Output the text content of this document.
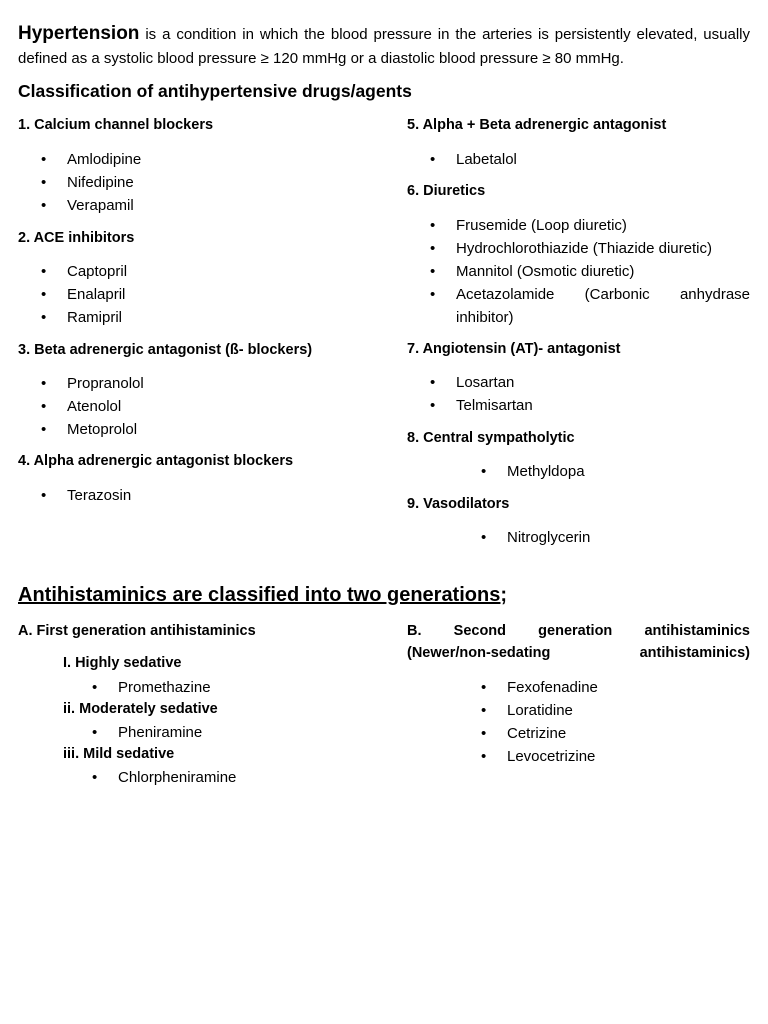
Hypertension is a condition in which the blood pressure in the arteries is persistently elevated, usually defined as a systolic blood pressure ≥ 120 mmHg or a diastolic blood pressure ≥ 80 mmHg.
Classification of antihypertensive drugs/agents
1. Calcium channel blockers
• Amlodipine
• Nifedipine
• Verapamil
2. ACE inhibitors
• Captopril
• Enalapril
• Ramipril
3. Beta adrenergic antagonist (ß- blockers)
• Propranolol
• Atenolol
• Metoprolol
4. Alpha adrenergic antagonist blockers
• Terazosin
5. Alpha + Beta adrenergic antagonist
• Labetalol
6. Diuretics
• Frusemide (Loop diuretic)
• Hydrochlorothiazide (Thiazide diuretic)
• Mannitol (Osmotic diuretic)
• Acetazolamide (Carbonic anhydrase inhibitor)
7. Angiotensin (AT)- antagonist
• Losartan
• Telmisartan
8. Central sympatholytic
• Methyldopa
9. Vasodilators
• Nitroglycerin
Antihistaminics are classified into two generations;
A. First generation antihistaminics
I. Highly sedative
• Promethazine
ii. Moderately sedative
• Pheniramine
iii. Mild sedative
• Chlorpheniramine
B. Second generation antihistaminics (Newer/non-sedating antihistaminics)
• Fexofenadine
• Loratidine
• Cetrizine
• Levocetrizine
